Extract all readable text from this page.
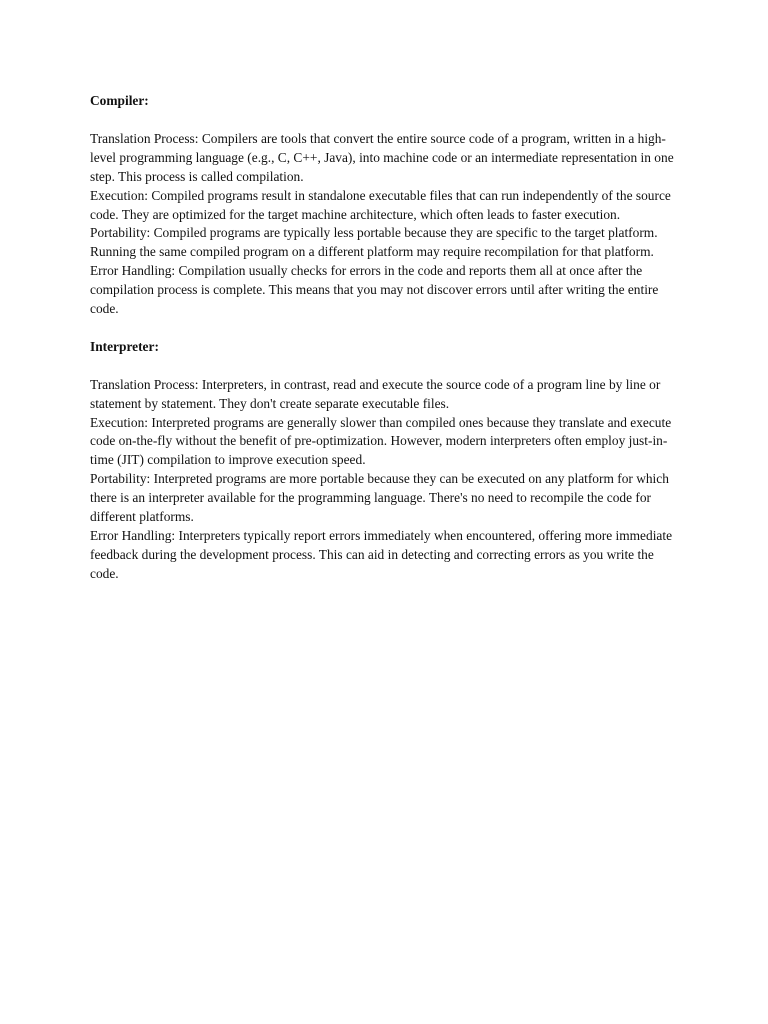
Compiler:

Translation Process: Compilers are tools that convert the entire source code of a program, written in a high-level programming language (e.g., C, C++, Java), into machine code or an intermediate representation in one step. This process is called compilation.

Execution: Compiled programs result in standalone executable files that can run independently of the source code. They are optimized for the target machine architecture, which often leads to faster execution.

Portability: Compiled programs are typically less portable because they are specific to the target platform. Running the same compiled program on a different platform may require recompilation for that platform.

Error Handling: Compilation usually checks for errors in the code and reports them all at once after the compilation process is complete. This means that you may not discover errors until after writing the entire code.

Interpreter:

Translation Process: Interpreters, in contrast, read and execute the source code of a program line by line or statement by statement. They don't create separate executable files.

Execution: Interpreted programs are generally slower than compiled ones because they translate and execute code on-the-fly without the benefit of pre-optimization. However, modern interpreters often employ just-in-time (JIT) compilation to improve execution speed.

Portability: Interpreted programs are more portable because they can be executed on any platform for which there is an interpreter available for the programming language. There's no need to recompile the code for different platforms.

Error Handling: Interpreters typically report errors immediately when encountered, offering more immediate feedback during the development process. This can aid in detecting and correcting errors as you write the code.
